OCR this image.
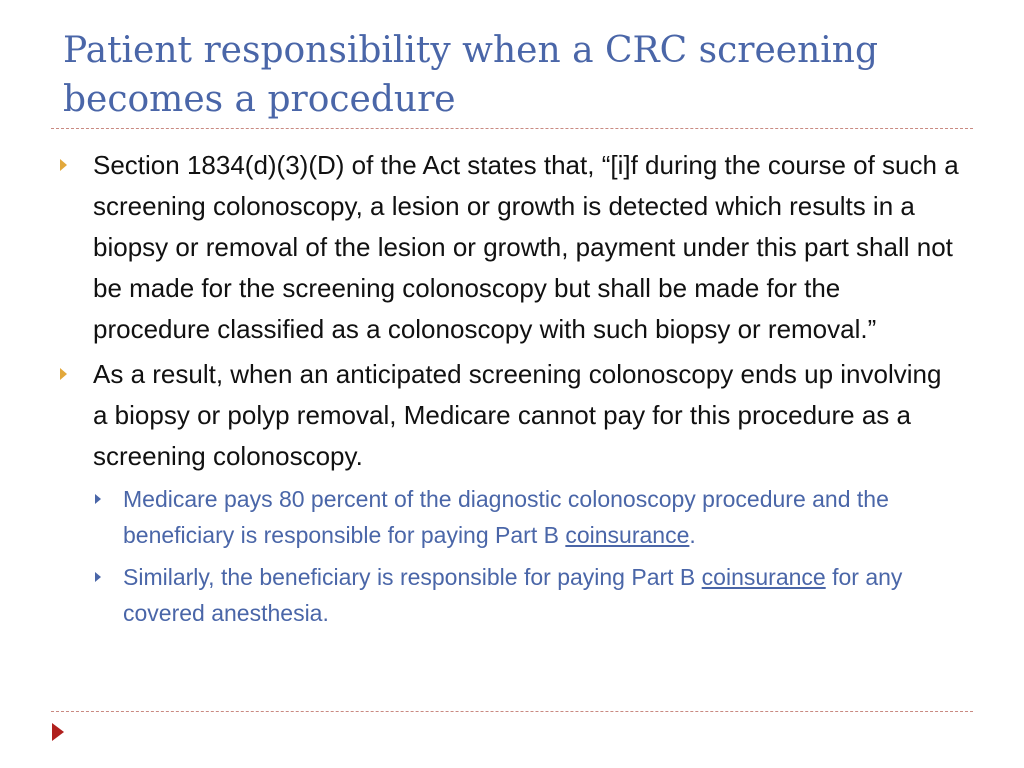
Patient responsibility when a CRC screening becomes a procedure
Section 1834(d)(3)(D) of the Act states that, “[i]f during the course of such a screening colonoscopy, a lesion or growth is detected which results in a biopsy or removal of the lesion or growth, payment under this part shall not be made for the screening colonoscopy but shall be made for the procedure classified as a colonoscopy with such biopsy or removal.”
As a result, when an anticipated screening colonoscopy ends up involving a biopsy or polyp removal, Medicare cannot pay for this procedure as a screening colonoscopy.
Medicare pays 80 percent of the diagnostic colonoscopy procedure and the beneficiary is responsible for paying Part B coinsurance.
Similarly, the beneficiary is responsible for paying Part B coinsurance for any covered anesthesia.
